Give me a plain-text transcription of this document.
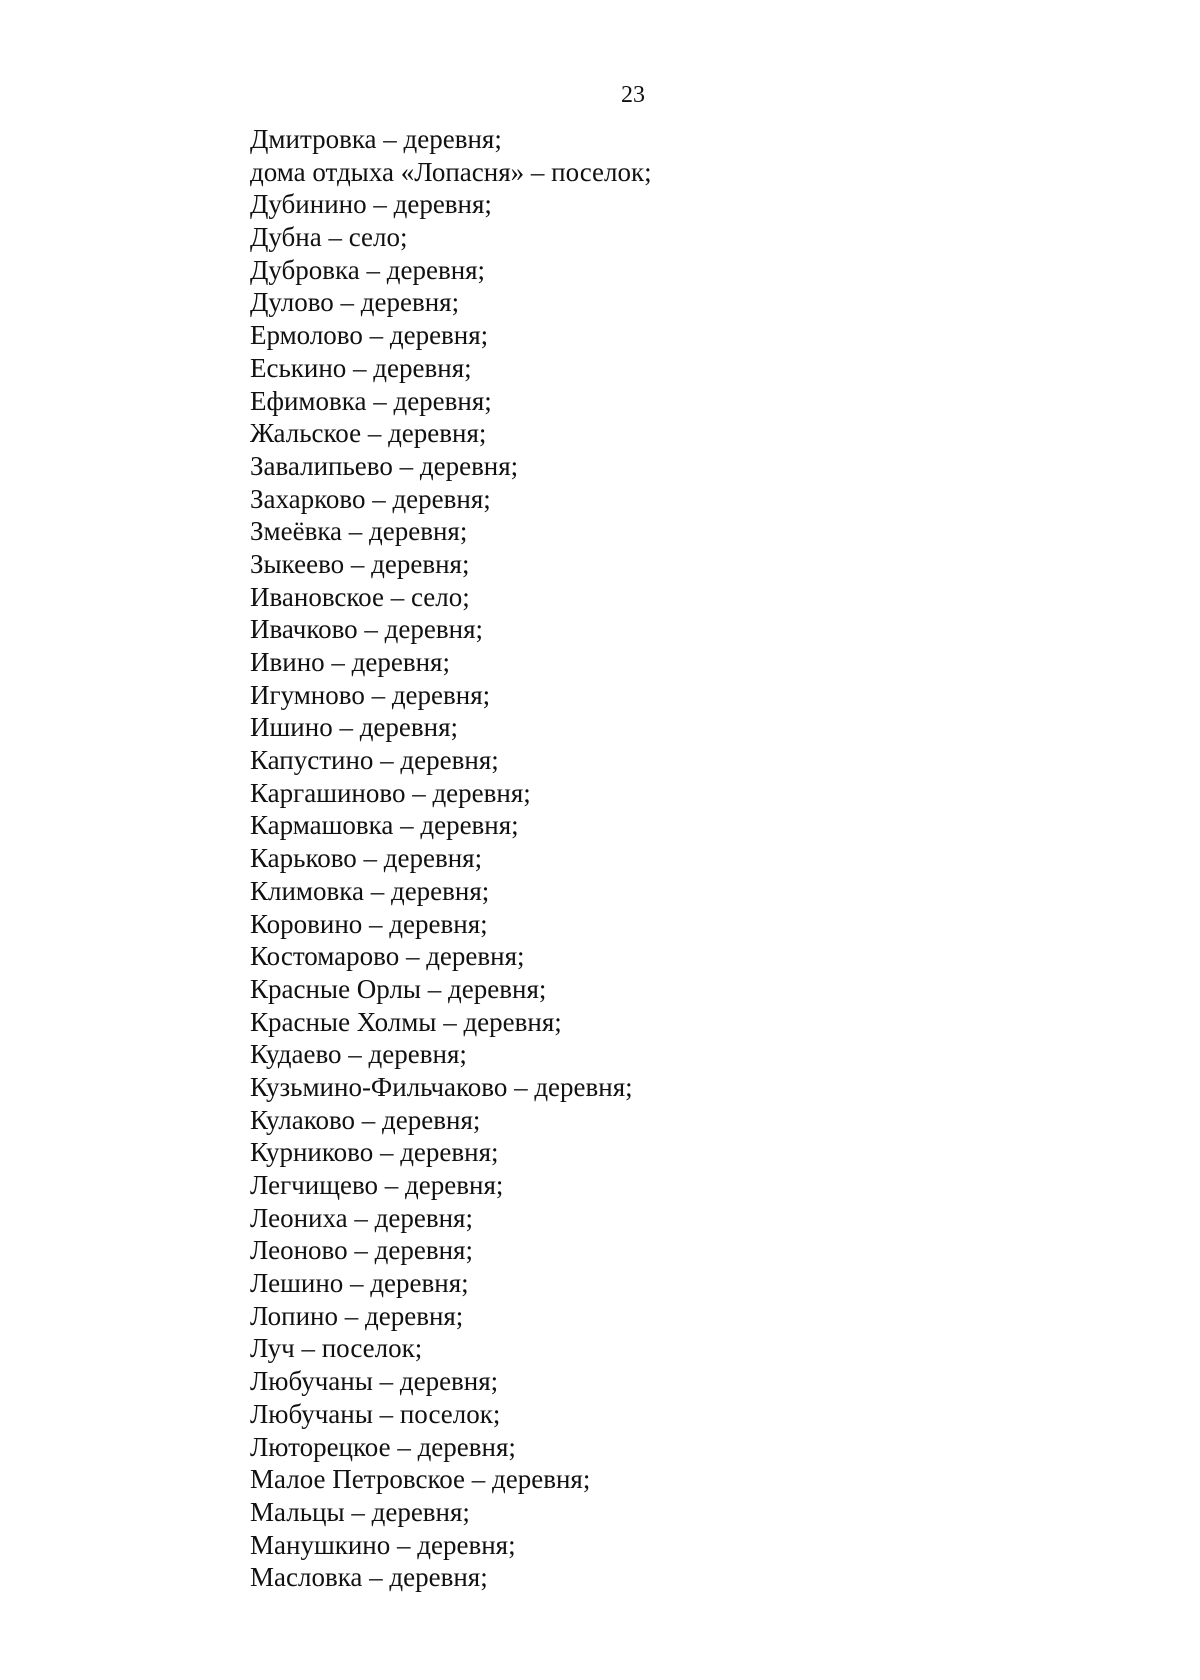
23
Дмитровка – деревня;
дома отдыха «Лопасня» – поселок;
Дубинино – деревня;
Дубна – село;
Дубровка – деревня;
Дулово – деревня;
Ермолово – деревня;
Еськино – деревня;
Ефимовка – деревня;
Жальское – деревня;
Завалипьево – деревня;
Захарково – деревня;
Змеёвка – деревня;
Зыкеево – деревня;
Ивановское – село;
Ивачково – деревня;
Ивино – деревня;
Игумново – деревня;
Ишино – деревня;
Капустино – деревня;
Каргашиново – деревня;
Кармашовка – деревня;
Карьково – деревня;
Климовка – деревня;
Коровино – деревня;
Костомарово – деревня;
Красные Орлы – деревня;
Красные Холмы – деревня;
Кудаево – деревня;
Кузьмино-Фильчаково – деревня;
Кулаково – деревня;
Курниково – деревня;
Легчищево – деревня;
Леониха – деревня;
Леоново – деревня;
Лешино – деревня;
Лопино – деревня;
Луч – поселок;
Любучаны – деревня;
Любучаны – поселок;
Люторецкое – деревня;
Малое Петровское – деревня;
Мальцы – деревня;
Манушкино – деревня;
Масловка – деревня;
